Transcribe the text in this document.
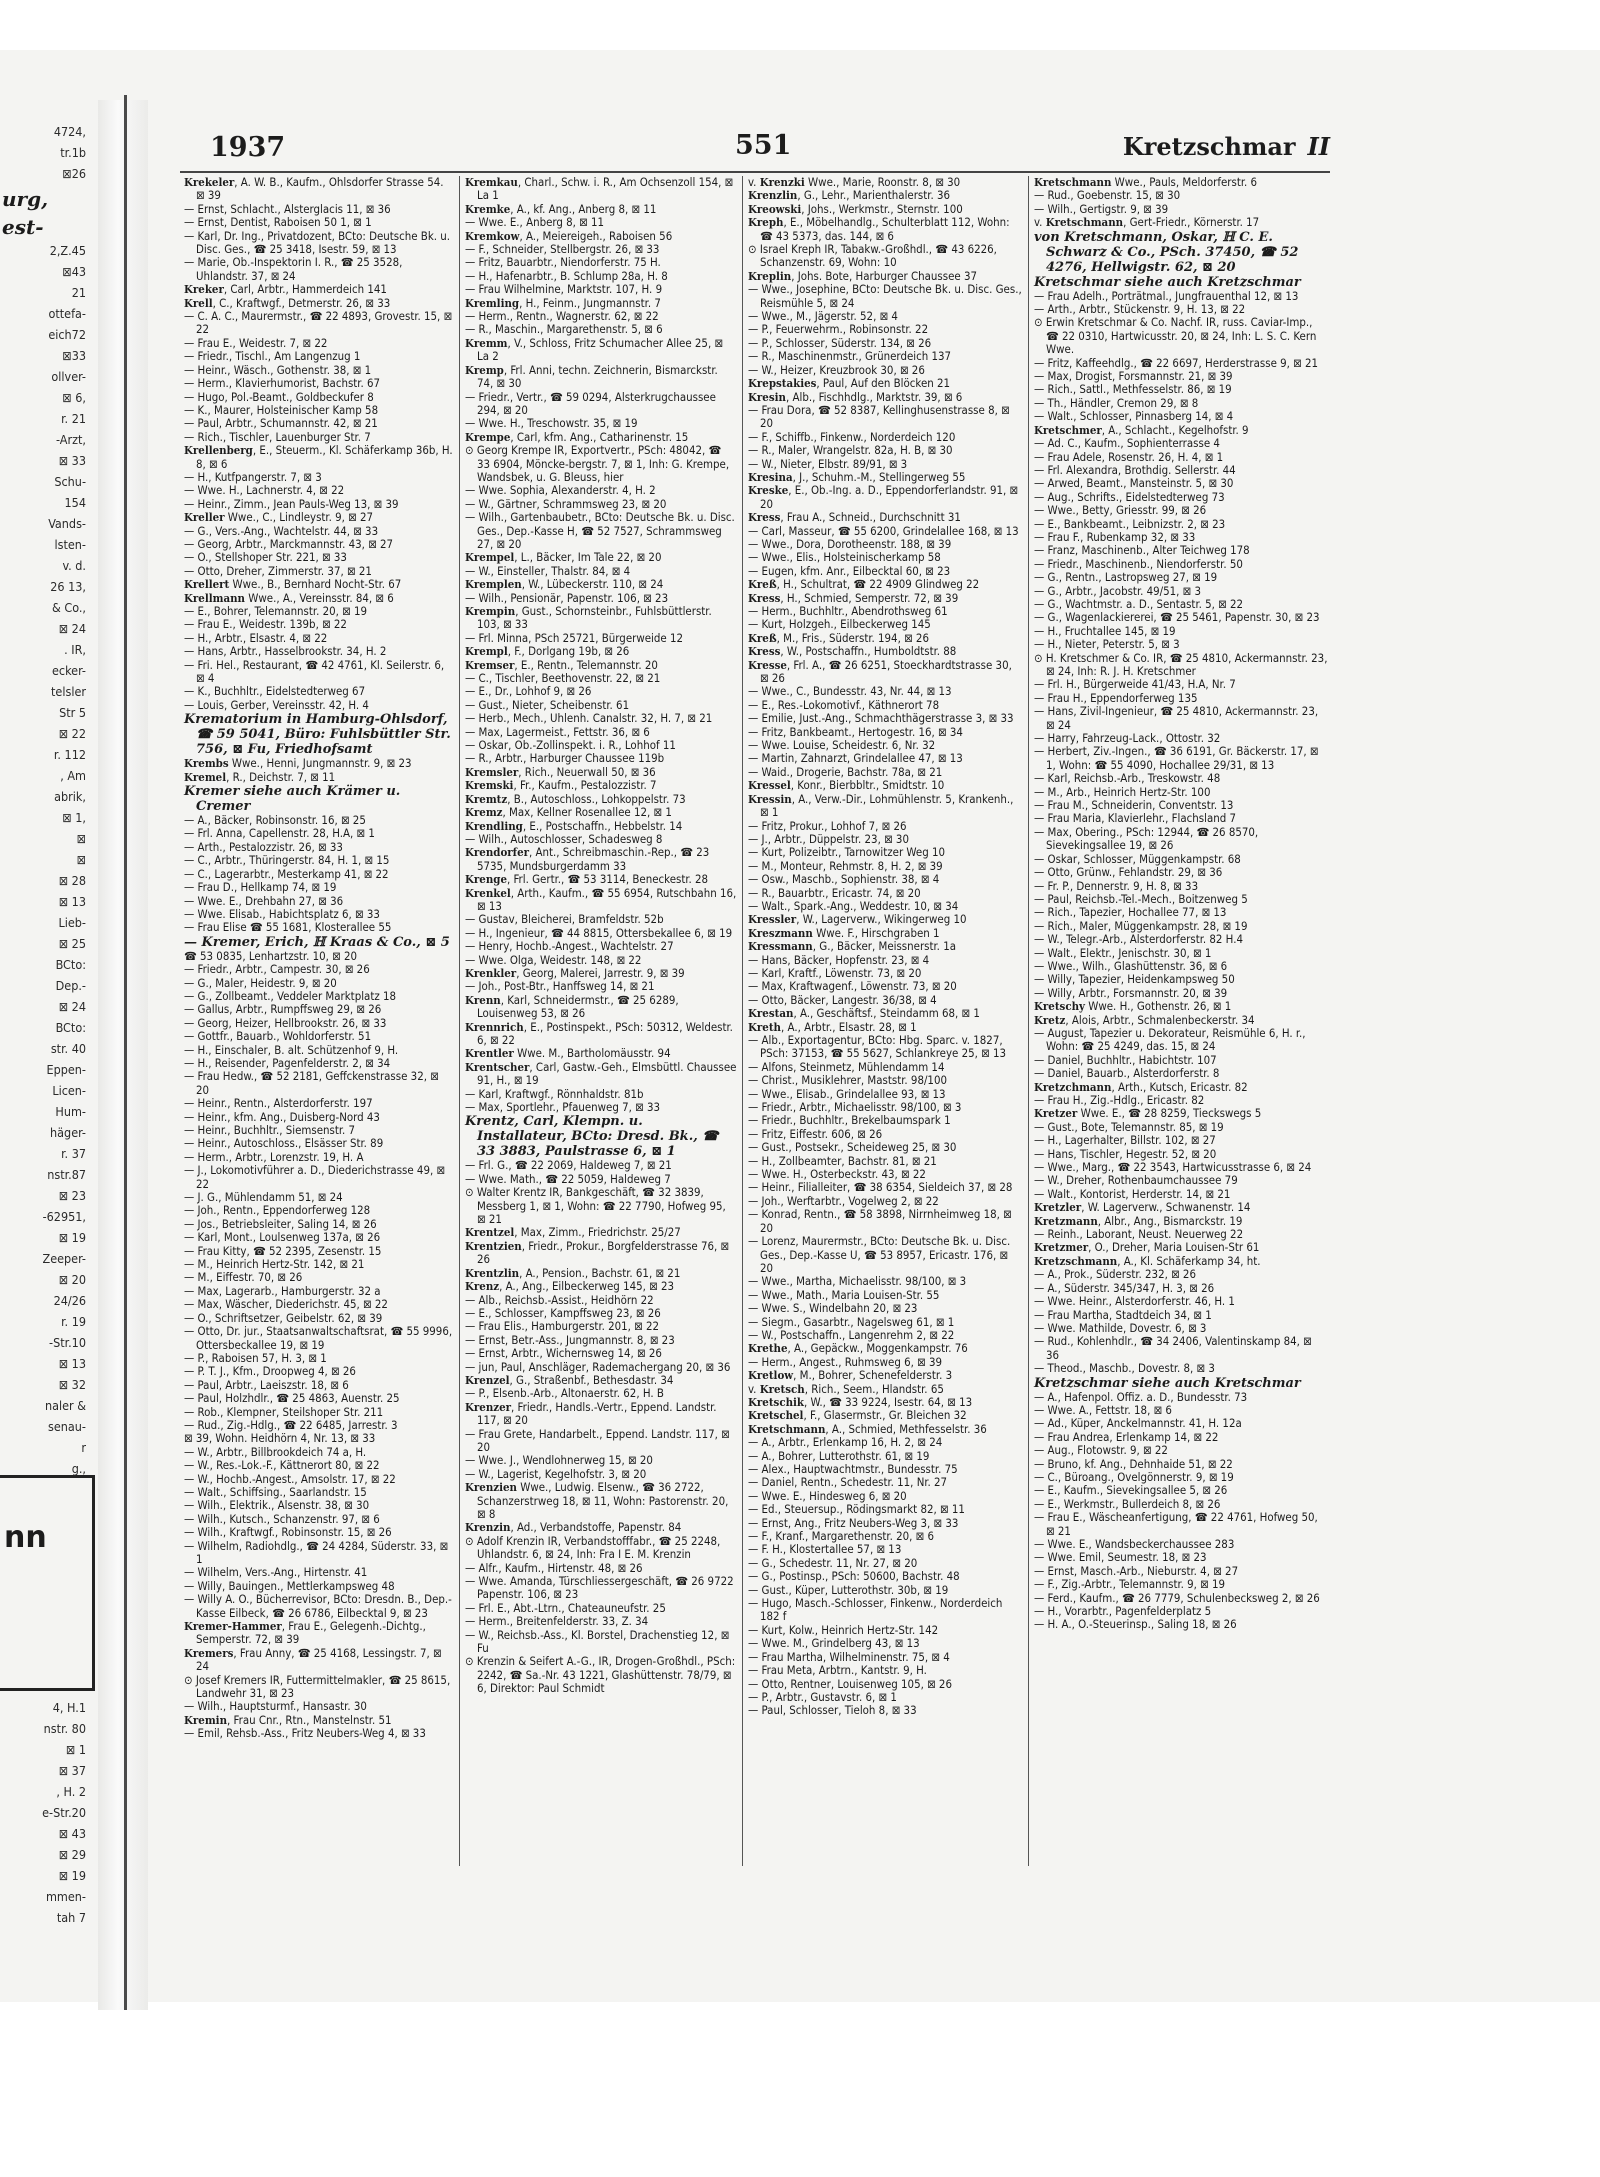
nn
4724,
tr.1b
⊠26
urg,
est-
2,Z.45
⊠43
21
ottefa-
eich72
⊠33
ollver-
⊠ 6,
r. 21
-Arzt,
⊠ 33
Schu-
154
Vands-
lsten-
v. d.
26 13,
& Co.,
⊠ 24
. IR,
ecker-
telsler
Str 5
⊠ 22
r. 112
, Am
abrik,
⊠ 1,
⊠
⊠
⊠ 28
⊠ 13
Lieb-
⊠ 25
BCto:
Dep.-
⊠ 24
BCto:
str. 40
Eppen-
Licen-
Hum-
häger-
r. 37
nstr.87
⊠ 23
-62951,
⊠ 19
Zeeper-
⊠ 20
24/26
r. 19
-Str.10
⊠ 13
⊠ 32
naler &
senau-
r
g.,
4, H.1
nstr. 80
⊠ 1
⊠ 37
, H. 2
e-Str.20
⊠ 43
⊠ 29
⊠ 19
mmen-
tah 7
1937	551	Kretzschmar II
Krekeler, A. W. B., Kaufm., Ohlsdorfer Strasse 54. ⊠ 39
— Ernst, Schlacht., Alsterglacis 11, ⊠ 36
— Ernst, Dentist, Raboisen 50 1, ⊠ 1
— Karl, Dr. Ing., Privatdozent, BCto: Deutsche Bk. u. Disc. Ges., ☎ 25 3418, Isestr. 59, ⊠ 13
— Marie, Ob.-Inspektorin I. R., ☎ 25 3528, Uhlandstr. 37, ⊠ 24
Kreker, Carl, Arbtr., Hammerdeich 141
Krell, C., Kraftwgf., Detmerstr. 26, ⊠ 33
— C. A. C., Maurermstr., ☎ 22 4893, Grovestr. 15, ⊠ 22
— Frau E., Weidestr. 7, ⊠ 22
— Friedr., Tischl., Am Langenzug 1
— Heinr., Wäsch., Gothenstr. 38, ⊠ 1
— Herm., Klavierhumorist, Bachstr. 67
— Hugo, Pol.-Beamt., Goldbeckufer 8
— K., Maurer, Holsteinischer Kamp 58
— Paul, Arbtr., Schumannstr. 42, ⊠ 21
— Rich., Tischler, Lauenburger Str. 7
Krellenberg, E., Steuerm., Kl. Schäferkamp 36b, H. 8, ⊠ 6
— H., Kutfpangerstr. 7, ⊠ 3
— Wwe. H., Lachnerstr. 4, ⊠ 22
— Heinr., Zimm., Jean Pauls-Weg 13, ⊠ 39
Kreller Wwe., C., Lindleystr. 9, ⊠ 27
— G., Vers.-Ang., Wachtelstr. 44, ⊠ 33
— Georg, Arbtr., Marckmannstr. 43, ⊠ 27
— O., Stellshoper Str. 221, ⊠ 33
— Otto, Dreher, Zimmerstr. 37, ⊠ 21
Krellert Wwe., B., Bernhard Nocht-Str. 67
Krellmann Wwe., A., Vereinsstr. 84, ⊠ 6
— E., Bohrer, Telemannstr. 20, ⊠ 19
— Frau E., Weidestr. 139b, ⊠ 22
— H., Arbtr., Elsastr. 4, ⊠ 22
— Hans, Arbtr., Hasselbrookstr. 34, H. 2
— Fri. Hel., Restaurant, ☎ 42 4761, Kl. Seilerstr. 6, ⊠ 4
— K., Buchhltr., Eidelstedterweg 67
— Louis, Gerber, Vereinsstr. 42, H. 4
Krematorium in Hamburg-Ohlsdorf, ☎ 59 5041, Büro: Fuhlsbüttler Str. 756, ⊠ Fu, Friedhofsamt
Krembs Wwe., Henni, Jungmannstr. 9, ⊠ 23
Kremel, R., Deichstr. 7, ⊠ 11
Kremer siehe auch Krämer u. Cremer
— A., Bäcker, Robinsonstr. 16, ⊠ 25
— Frl. Anna, Capellenstr. 28, H.A, ⊠ 1
— Arth., Pestalozzistr. 26, ⊠ 33
— C., Arbtr., Thüringerstr. 84, H. 1, ⊠ 15
— C., Lagerarbtr., Mesterkamp 41, ⊠ 22
— Frau D., Hellkamp 74, ⊠ 19
— Wwe. E., Drehbahn 27, ⊠ 36
— Wwe. Elisab., Habichtsplatz 6, ⊠ 33
— Frau Elise ☎ 55 1681, Klosterallee 55
— Kremer, Erich, ℍ Kraas & Co., ⊠ 5
☎ 53 0835, Lenhartzstr. 10, ⊠ 20
— Friedr., Arbtr., Campestr. 30, ⊠ 26
— G., Maler, Heidestr. 9, ⊠ 20
— G., Zollbeamt., Veddeler Marktplatz 18
— Gallus, Arbtr., Rumpffsweg 29, ⊠ 26
— Georg, Heizer, Hellbrookstr. 26, ⊠ 33
— Gottfr., Bauarb., Wohldorferstr. 51
— H., Einschaler, B. alt. Schützenhof 9, H.
— H., Reisender, Pagenfelderstr. 2, ⊠ 34
— Frau Hedw., ☎ 52 2181, Geffckenstrasse 32, ⊠ 20
— Heinr., Rentn., Alsterdorferstr. 197
— Heinr., kfm. Ang., Duisberg-Nord 43
— Heinr., Buchhltr., Siemsenstr. 7
— Heinr., Autoschloss., Elsässer Str. 89
— Herm., Arbtr., Lorenzstr. 19, H. A
— J., Lokomotivführer a. D., Diederichstrasse 49, ⊠ 22
— J. G., Mühlendamm 51, ⊠ 24
— Joh., Rentn., Eppendorferweg 128
— Jos., Betriebsleiter, Saling 14, ⊠ 26
— Karl, Mont., Loulsenweg 137a, ⊠ 26
— Frau Kitty, ☎ 52 2395, Zesenstr. 15
— M., Heinrich Hertz-Str. 142, ⊠ 21
— M., Eiffestr. 70, ⊠ 26
— Max, Lagerarb., Hamburgerstr. 32 a
— Max, Wäscher, Diederichstr. 45, ⊠ 22
— O., Schriftsetzer, Geibelstr. 62, ⊠ 39
— Otto, Dr. jur., Staatsanwaltschaftsrat, ☎ 55 9996, Ottersbeckallee 19, ⊠ 19
— P., Raboisen 57, H. 3, ⊠ 1
— P. T. J., Kfm., Droopweg 4, ⊠ 26
— Paul, Arbtr., Laeiszstr. 18, ⊠ 6
— Paul, Holzhdlr., ☎ 25 4863, Auenstr. 25
— Rob., Klempner, Steilshoper Str. 211
— Rud., Zig.-Hdlg., ☎ 22 6485, Jarrestr. 3
⊠ 39, Wohn. Heidhörn 4, Nr. 13, ⊠ 33
— W., Arbtr., Billbrookdeich 74 a, H.
— W., Res.-Lok.-F., Kättnerort 80, ⊠ 22
— W., Hochb.-Angest., Amsolstr. 17, ⊠ 22
— Walt., Schiffsing., Saarlandstr. 15
— Wilh., Elektrik., Alsenstr. 38, ⊠ 30
— Wilh., Kutsch., Schanzenstr. 97, ⊠ 6
— Wilh., Kraftwgf., Robinsonstr. 15, ⊠ 26
— Wilhelm, Radiohdlg., ☎ 24 4284, Süderstr. 33, ⊠ 1
— Wilhelm, Vers.-Ang., Hirtenstr. 41
— Willy, Bauingen., Mettlerkampsweg 48
— Willy A. O., Bücherrevisor, BCto: Dresdn. B., Dep.-Kasse Eilbeck, ☎ 26 6786, Eilbecktal 9, ⊠ 23
Kremer-Hammer, Frau E., Gelegenh.-Dichtg., Semperstr. 72, ⊠ 39
Kremers, Frau Anny, ☎ 25 4168, Lessingstr. 7, ⊠ 24
⊙ Josef Kremers IR, Futtermittelmakler, ☎ 25 8615, Landwehr 31, ⊠ 23
— Wilh., Hauptsturmf., Hansastr. 30
Kremin, Frau Cnr., Rtn., Manstelnstr. 51
— Emil, Rehsb.-Ass., Fritz Neubers-Weg 4, ⊠ 33
Kremkau, Charl., Schw. i. R., Am Ochsenzoll 154, ⊠ La 1
Kremke, A., kf. Ang., Anberg 8, ⊠ 11
— Wwe. E., Anberg 8, ⊠ 11
Kremkow, A., Meiereigeh., Raboisen 56
— F., Schneider, Stellbergstr. 26, ⊠ 33
— Fritz, Bauarbtr., Niendorferstr. 75 H.
— H., Hafenarbtr., B. Schlump 28a, H. 8
— Frau Wilhelmine, Marktstr. 107, H. 9
Kremling, H., Feinm., Jungmannstr. 7
— Herm., Rentn., Wagnerstr. 62, ⊠ 22
— R., Maschin., Margarethenstr. 5, ⊠ 6
Kremm, V., Schloss, Fritz Schumacher Allee 25, ⊠ La 2
Kremp, Frl. Anni, techn. Zeichnerin, Bismarckstr. 74, ⊠ 30
— Friedr., Vertr., ☎ 59 0294, Alsterkrugchaussee 294, ⊠ 20
— Wwe. H., Treschowstr. 35, ⊠ 19
Krempe, Carl, kfm. Ang., Catharinenstr. 15
⊙ Georg Krempe IR, Exportvertr., PSch: 48042, ☎ 33 6904, Möncke-bergstr. 7, ⊠ 1, Inh: G. Krempe, Wandsbek, u. G. Bleuss, hier
— Wwe. Sophia, Alexanderstr. 4, H. 2
— W., Gärtner, Schrammsweg 23, ⊠ 20
— Wilh., Gartenbaubetr., BCto: Deutsche Bk. u. Disc. Ges., Dep.-Kasse H, ☎ 52 7527, Schrammsweg 27, ⊠ 20
Krempel, L., Bäcker, Im Tale 22, ⊠ 20
— W., Einsteller, Thalstr. 84, ⊠ 4
Kremplen, W., Lübeckerstr. 110, ⊠ 24
— Wilh., Pensionär, Papenstr. 106, ⊠ 23
Krempin, Gust., Schornsteinbr., Fuhlsbüttlerstr. 103, ⊠ 33
— Frl. Minna, PSch 25721, Bürgerweide 12
Krempl, F., Dorlgang 19b, ⊠ 26
Kremser, E., Rentn., Telemannstr. 20
— C., Tischler, Beethovenstr. 22, ⊠ 21
— E., Dr., Lohhof 9, ⊠ 26
— Gust., Nieter, Scheibenstr. 61
— Herb., Mech., Uhlenh. Canalstr. 32, H. 7, ⊠ 21
— Max, Lagermeist., Fettstr. 36, ⊠ 6
— Oskar, Ob.-Zollinspekt. i. R., Lohhof 11
— R., Arbtr., Harburger Chaussee 119b
Kremsler, Rich., Neuerwall 50, ⊠ 36
Kremski, Fr., Kaufm., Pestalozzistr. 7
Kremtz, B., Autoschloss., Lohkoppelstr. 73
Kremz, Max, Kellner Rosenallee 12, ⊠ 1
Krendling, E., Postschaffn., Hebbelstr. 14
— Wilh., Autoschlosser, Schadesweg 8
Krendorfer, Ant., Schreibmaschin.-Rep., ☎ 23 5735, Mundsburgerdamm 33
Krenge, Frl. Gertr., ☎ 53 3114, Beneckestr. 28
Krenkel, Arth., Kaufm., ☎ 55 6954, Rutschbahn 16, ⊠ 13
— Gustav, Bleicherei, Bramfeldstr. 52b
— H., Ingenieur, ☎ 44 8815, Ottersbekallee 6, ⊠ 19
— Henry, Hochb.-Angest., Wachtelstr. 27
— Wwe. Olga, Weidestr. 148, ⊠ 22
Krenkler, Georg, Malerei, Jarrestr. 9, ⊠ 39
— Joh., Post-Btr., Hanffsweg 14, ⊠ 21
Krenn, Karl, Schneidermstr., ☎ 25 6289, Louisenweg 53, ⊠ 26
Krennrich, E., Postinspekt., PSch: 50312, Weldestr. 6, ⊠ 22
Krentler Wwe. M., Bartholomäusstr. 94
Krentscher, Carl, Gastw.-Geh., Elmsbüttl. Chaussee 91, H., ⊠ 19
— Karl, Kraftwgf., Rönnhaldstr. 81b
— Max, Sportlehr., Pfauenweg 7, ⊠ 33
Krentz, Carl, Klempn. u. Installateur, BCto: Dresd. Bk., ☎ 33 3883, Paulstrasse 6, ⊠ 1
— Frl. G., ☎ 22 2069, Haldeweg 7, ⊠ 21
— Wwe. Math., ☎ 22 5059, Haldeweg 7
⊙ Walter Krentz IR, Bankgeschäft, ☎ 32 3839, Messberg 1, ⊠ 1, Wohn: ☎ 22 7790, Hofweg 95, ⊠ 21
Krentzel, Max, Zimm., Friedrichstr. 25/27
Krentzien, Friedr., Prokur., Borgfelderstrasse 76, ⊠ 26
Krentzlin, A., Pension., Bachstr. 61, ⊠ 21
Krenz, A., Ang., Eilbeckerweg 145, ⊠ 23
— Alb., Reichsb.-Assist., Heidhörn 22
— E., Schlosser, Kampffsweg 23, ⊠ 26
— Frau Elis., Hamburgerstr. 201, ⊠ 22
— Ernst, Betr.-Ass., Jungmannstr. 8, ⊠ 23
— Ernst, Arbtr., Wichernsweg 14, ⊠ 26
— jun, Paul, Anschläger, Rademachergang 20, ⊠ 36
Krenzel, G., Straßenbf., Bethesdastr. 34
— P., Elsenb.-Arb., Altonaerstr. 62, H. B
Krenzer, Friedr., Handls.-Vertr., Eppend. Landstr. 117, ⊠ 20
— Frau Grete, Handarbelt., Eppend. Landstr. 117, ⊠ 20
— Wwe. J., Wendlohnerweg 15, ⊠ 20
— W., Lagerist, Kegelhofstr. 3, ⊠ 20
Krenzien Wwe., Ludwig. Elsenw., ☎ 36 2722, Schanzerstrweg 18, ⊠ 11, Wohn: Pastorenstr. 20, ⊠ 8
Krenzin, Ad., Verbandstoffe, Papenstr. 84
⊙ Adolf Krenzin IR, Verbandstofffabr., ☎ 25 2248, Uhlandstr. 6, ⊠ 24, Inh: Fra I E. M. Krenzin
— Alfr., Kaufm., Hirtenstr. 48, ⊠ 26
— Wwe. Amanda, Türschliessergeschäft, ☎ 26 9722 Papenstr. 106, ⊠ 23
— Frl. E., Abt.-Ltrn., Chateauneufstr. 25
— Herm., Breitenfelderstr. 33, Z. 34
— W., Reichsb.-Ass., Kl. Borstel, Drachenstieg 12, ⊠ Fu
⊙ Krenzin & Seifert A.-G., IR, Drogen-Großhdl., PSch: 2242, ☎ Sa.-Nr. 43 1221, Glashüttenstr. 78/79, ⊠ 6, Direktor: Paul Schmidt
v. Krenzki Wwe., Marie, Roonstr. 8, ⊠ 30
Krenzlin, G., Lehr., Marienthalerstr. 36
Kreowski, Johs., Werkmstr., Sternstr. 100
Kreph, E., Möbelhandlg., Schulterblatt 112, Wohn: ☎ 43 5373, das. 144, ⊠ 6
⊙ Israel Kreph IR, Tabakw.-Großhdl., ☎ 43 6226, Schanzenstr. 69, Wohn: 10
Kreplin, Johs. Bote, Harburger Chaussee 37
— Wwe., Josephine, BCto: Deutsche Bk. u. Disc. Ges., Reismühle 5, ⊠ 24
— Wwe., M., Jägerstr. 52, ⊠ 4
— P., Feuerwehrm., Robinsonstr. 22
— P., Schlosser, Süderstr. 134, ⊠ 26
— R., Maschinenmstr., Grünerdeich 137
— W., Heizer, Kreuzbrook 30, ⊠ 26
Krepstakies, Paul, Auf den Blöcken 21
Kresin, Alb., Fischhdlg., Marktstr. 39, ⊠ 6
— Frau Dora, ☎ 52 8387, Kellinghusenstrasse 8, ⊠ 20
— F., Schiffb., Finkenw., Norderdeich 120
— R., Maler, Wrangelstr. 82a, H. B, ⊠ 30
— W., Nieter, Elbstr. 89/91, ⊠ 3
Kresina, J., Schuhm.-M., Stellingerweg 55
Kreske, E., Ob.-Ing. a. D., Eppendorferlandstr. 91, ⊠ 20
Kress, Frau A., Schneid., Durchschnitt 31
— Carl, Masseur, ☎ 55 6200, Grindelallee 168, ⊠ 13
— Wwe., Dora, Dorotheenstr. 188, ⊠ 39
— Wwe., Elis., Holsteinischerkamp 58
— Eugen, kfm. Anr., Eilbecktal 60, ⊠ 23
Kreß, H., Schultrat, ☎ 22 4909 Glindweg 22
Kress, H., Schmied, Semperstr. 72, ⊠ 39
— Herm., Buchhltr., Abendrothsweg 61
— Kurt, Holzgeh., Eilbeckerweg 145
Kreß, M., Fris., Süderstr. 194, ⊠ 26
Kress, W., Postschaffn., Humboldtstr. 88
Kresse, Frl. A., ☎ 26 6251, Stoeckhardtstrasse 30, ⊠ 26
— Wwe., C., Bundesstr. 43, Nr. 44, ⊠ 13
— E., Res.-Lokomotivf., Käthnerort 78
— Emilie, Just.-Ang., Schmachthägerstrasse 3, ⊠ 33
— Fritz, Bankbeamt., Hertogestr. 16, ⊠ 34
— Wwe. Louise, Scheidestr. 6, Nr. 32
— Martin, Zahnarzt, Grindelallee 47, ⊠ 13
— Waid., Drogerie, Bachstr. 78a, ⊠ 21
Kressel, Konr., Bierbbltr., Smidtstr. 10
Kressin, A., Verw.-Dir., Lohmühlenstr. 5, Krankenh., ⊠ 1
— Fritz, Prokur., Lohhof 7, ⊠ 26
— J., Arbtr., Düppelstr. 23, ⊠ 30
— Kurt, Polizeibtr., Tarnowitzer Weg 10
— M., Monteur, Rehmstr. 8, H. 2, ⊠ 39
— Osw., Maschb., Sophienstr. 38, ⊠ 4
— R., Bauarbtr., Ericastr. 74, ⊠ 20
— Walt., Spark.-Ang., Weddestr. 10, ⊠ 34
Kressler, W., Lagerverw., Wikingerweg 10
Kreszmann Wwe. F., Hirschgraben 1
Kressmann, G., Bäcker, Meissnerstr. 1a
— Hans, Bäcker, Hopfenstr. 23, ⊠ 4
— Karl, Kraftf., Löwenstr. 73, ⊠ 20
— Max, Kraftwagenf., Löwenstr. 73, ⊠ 20
— Otto, Bäcker, Langestr. 36/38, ⊠ 4
Krestan, A., Geschäftsf., Steindamm 68, ⊠ 1
Kreth, A., Arbtr., Elsastr. 28, ⊠ 1
— Alb., Exportagentur, BCto: Hbg. Sparc. v. 1827, PSch: 37153, ☎ 55 5627, Schlankreye 25, ⊠ 13
— Alfons, Steinmetz, Mühlendamm 14
— Christ., Musiklehrer, Maststr. 98/100
— Wwe., Elisab., Grindelallee 93, ⊠ 13
— Friedr., Arbtr., Michaelisstr. 98/100, ⊠ 3
— Friedr., Buchhltr., Brekelbaumspark 1
— Fritz, Eiffestr. 606, ⊠ 26
— Gust., Postsekr., Scheideweg 25, ⊠ 30
— H., Zollbeamter, Bachstr. 81, ⊠ 21
— Wwe. H., Osterbeckstr. 43, ⊠ 22
— Heinr., Filialleiter, ☎ 38 6354, Sieldeich 37, ⊠ 28
— Joh., Werftarbtr., Vogelweg 2, ⊠ 22
— Konrad, Rentn., ☎ 58 3898, Nirrnheimweg 18, ⊠ 20
— Lorenz, Maurermstr., BCto: Deutsche Bk. u. Disc. Ges., Dep.-Kasse U, ☎ 53 8957, Ericastr. 176, ⊠ 20
— Wwe., Martha, Michaelisstr. 98/100, ⊠ 3
— Wwe., Math., Maria Louisen-Str. 55
— Wwe. S., Windelbahn 20, ⊠ 23
— Siegm., Gasarbtr., Nagelsweg 61, ⊠ 1
— W., Postschaffn., Langenrehm 2, ⊠ 22
Krethe, A., Gepäckw., Moggenkampstr. 76
— Herm., Angest., Ruhmsweg 6, ⊠ 39
Kretlow, M., Bohrer, Schenefelderstr. 3
v. Kretsch, Rich., Seem., Hlandstr. 65
Kretschik, W., ☎ 33 9224, Isestr. 64, ⊠ 13
Kretschel, F., Glasermstr., Gr. Bleichen 32
Kretschmann, A., Schmied, Methfesselstr. 36
— A., Arbtr., Erlenkamp 16, H. 2, ⊠ 24
— A., Bohrer, Lutterothstr. 61, ⊠ 19
— Alex., Hauptwachtmstr., Bundesstr. 75
— Daniel, Rentn., Schedestr. 11, Nr. 27
— Wwe. E., Hindesweg 6, ⊠ 20
— Ed., Steuersup., Rödingsmarkt 82, ⊠ 11
— Ernst, Ang., Fritz Neubers-Weg 3, ⊠ 33
— F., Kranf., Margarethenstr. 20, ⊠ 6
— F. H., Klostertallee 57, ⊠ 13
— G., Schedestr. 11, Nr. 27, ⊠ 20
— G., Postinsp., PSch: 50600, Bachstr. 48
— Gust., Küper, Lutterothstr. 30b, ⊠ 19
— Hugo, Masch.-Schlosser, Finkenw., Norderdeich 182 f
— Kurt, Kolw., Heinrich Hertz-Str. 142
— Wwe. M., Grindelberg 43, ⊠ 13
— Frau Martha, Wilhelminenstr. 75, ⊠ 4
— Frau Meta, Arbtrn., Kantstr. 9, H.
— Otto, Rentner, Louisenweg 105, ⊠ 26
— P., Arbtr., Gustavstr. 6, ⊠ 1
— Paul, Schlosser, Tieloh 8, ⊠ 33
Kretschmann Wwe., Pauls, Meldorferstr. 6
— Rud., Goebenstr. 15, ⊠ 30
— Wilh., Gertigstr. 9, ⊠ 39
v. Kretschmann, Gert-Friedr., Körnerstr. 17
von Kretschmann, Oskar, ℍ C. E. Schwarz & Co., PSch. 37450, ☎ 52 4276, Hellwigstr. 62, ⊠ 20
Kretschmar siehe auch Kretzschmar
— Frau Adelh., Porträtmal., Jungfrauenthal 12, ⊠ 13
— Arth., Arbtr., Stückenstr. 9, H. 13, ⊠ 22
⊙ Erwin Kretschmar & Co. Nachf. IR, russ. Caviar-Imp., ☎ 22 0310, Hartwicusstr. 20, ⊠ 24, Inh: L. S. C. Kern Wwe.
— Fritz, Kaffeehdlg., ☎ 22 6697, Herderstrasse 9, ⊠ 21
— Max, Drogist, Forsmannstr. 21, ⊠ 39
— Rich., Sattl., Methfesselstr. 86, ⊠ 19
— Th., Händler, Cremon 29, ⊠ 8
— Walt., Schlosser, Pinnasberg 14, ⊠ 4
Kretschmer, A., Schlacht., Kegelhofstr. 9
— Ad. C., Kaufm., Sophienterrasse 4
— Frau Adele, Rosenstr. 26, H. 4, ⊠ 1
— Frl. Alexandra, Brothdig. Sellerstr. 44
— Arwed, Beamt., Mansteinstr. 5, ⊠ 30
— Aug., Schrifts., Eidelstedterweg 73
— Wwe., Betty, Griesstr. 99, ⊠ 26
— E., Bankbeamt., Leibnizstr. 2, ⊠ 23
— Frau F., Rubenkamp 32, ⊠ 33
— Franz, Maschinenb., Alter Teichweg 178
— Friedr., Maschinenb., Niendorferstr. 50
— G., Rentn., Lastropsweg 27, ⊠ 19
— G., Arbtr., Jacobstr. 49/51, ⊠ 3
— G., Wachtmstr. a. D., Sentastr. 5, ⊠ 22
— G., Wagenlackiererei, ☎ 25 5461, Papenstr. 30, ⊠ 23
— H., Fruchtallee 145, ⊠ 19
— H., Nieter, Peterstr. 5, ⊠ 3
⊙ H. Kretschmer & Co. IR, ☎ 25 4810, Ackermannstr. 23, ⊠ 24, Inh: R. J. H. Kretschmer
— Frl. H., Bürgerweide 41/43, H.A, Nr. 7
— Frau H., Eppendorferweg 135
— Hans, Zivil-Ingenieur, ☎ 25 4810, Ackermannstr. 23, ⊠ 24
— Harry, Fahrzeug-Lack., Ottostr. 32
— Herbert, Ziv.-Ingen., ☎ 36 6191, Gr. Bäckerstr. 17, ⊠ 1, Wohn: ☎ 55 4090, Hochallee 29/31, ⊠ 13
— Karl, Reichsb.-Arb., Treskowstr. 48
— M., Arb., Heinrich Hertz-Str. 100
— Frau M., Schneiderin, Conventstr. 13
— Frau Maria, Klavierlehr., Flachsland 7
— Max, Obering., PSch: 12944, ☎ 26 8570, Sievekingsallee 19, ⊠ 26
— Oskar, Schlosser, Müggenkampstr. 68
— Otto, Grünw., Fehlandstr. 29, ⊠ 36
— Fr. P., Dennerstr. 9, H. 8, ⊠ 33
— Paul, Reichsb.-Tel.-Mech., Boitzenweg 5
— Rich., Tapezier, Hochallee 77, ⊠ 13
— Rich., Maler, Müggenkampstr. 28, ⊠ 19
— W., Telegr.-Arb., Alsterdorferstr. 82 H.4
— Walt., Elektr., Jenischstr. 30, ⊠ 1
— Wwe., Wilh., Glashüttenstr. 36, ⊠ 6
— Willy, Tapezier, Heidenkampsweg 50
— Willy, Arbtr., Forsmannstr. 20, ⊠ 39
Kretschy Wwe. H., Gothenstr. 26, ⊠ 1
Kretz, Alois, Arbtr., Schmalenbeckerstr. 34
— August, Tapezier u. Dekorateur, Reismühle 6, H. r., Wohn: ☎ 25 4249, das. 15, ⊠ 24
— Daniel, Buchhltr., Habichtstr. 107
— Daniel, Bauarb., Alsterdorferstr. 8
Kretzchmann, Arth., Kutsch, Ericastr. 82
— Frau H., Zig.-Hdlg., Ericastr. 82
Kretzer Wwe. E., ☎ 28 8259, Tieckswegs 5
— Gust., Bote, Telemannstr. 85, ⊠ 19
— H., Lagerhalter, Billstr. 102, ⊠ 27
— Hans, Tischler, Hegestr. 52, ⊠ 20
— Wwe., Marg., ☎ 22 3543, Hartwicusstrasse 6, ⊠ 24
— W., Dreher, Rothenbaumchaussee 79
— Walt., Kontorist, Herderstr. 14, ⊠ 21
Kretzler, W. Lagerverw., Schwanenstr. 14
Kretzmann, Albr., Ang., Bismarckstr. 19
— Reinh., Laborant, Neust. Neuerweg 22
Kretzmer, O., Dreher, Maria Louisen-Str 61
Kretzschmann, A., Kl. Schäferkamp 34, ht.
— A., Prok., Süderstr. 232, ⊠ 26
— A., Süderstr. 345/347, H. 3, ⊠ 26
— Wwe. Heinr., Alsterdorferstr. 46, H. 1
— Frau Martha, Stadtdeich 34, ⊠ 1
— Wwe. Mathilde, Dovestr. 6, ⊠ 3
— Rud., Kohlenhdlr., ☎ 34 2406, Valentinskamp 84, ⊠ 36
— Theod., Maschb., Dovestr. 8, ⊠ 3
Kretzschmar siehe auch Kretschmar
— A., Hafenpol. Offiz. a. D., Bundesstr. 73
— Wwe. A., Fettstr. 18, ⊠ 6
— Ad., Küper, Anckelmannstr. 41, H. 12a
— Frau Andrea, Erlenkamp 14, ⊠ 22
— Aug., Flotowstr. 9, ⊠ 22
— Bruno, kf. Ang., Dehnhaide 51, ⊠ 22
— C., Büroang., Ovelgönnerstr. 9, ⊠ 19
— E., Kaufm., Sievekingsallee 5, ⊠ 26
— E., Werkmstr., Bullerdeich 8, ⊠ 26
— Frau E., Wäscheanfertigung, ☎ 22 4761, Hofweg 50, ⊠ 21
— Wwe. E., Wandsbeckerchaussee 283
— Wwe. Emil, Seumestr. 18, ⊠ 23
— Ernst, Masch.-Arb., Nieburstr. 4, ⊠ 27
— F., Zig.-Arbtr., Telemannstr. 9, ⊠ 19
— Ferd., Kaufm., ☎ 26 7779, Schulenbecksweg 2, ⊠ 26
— H., Vorarbtr., Pagenfelderplatz 5
— H. A., O.-Steuerinsp., Saling 18, ⊠ 26
